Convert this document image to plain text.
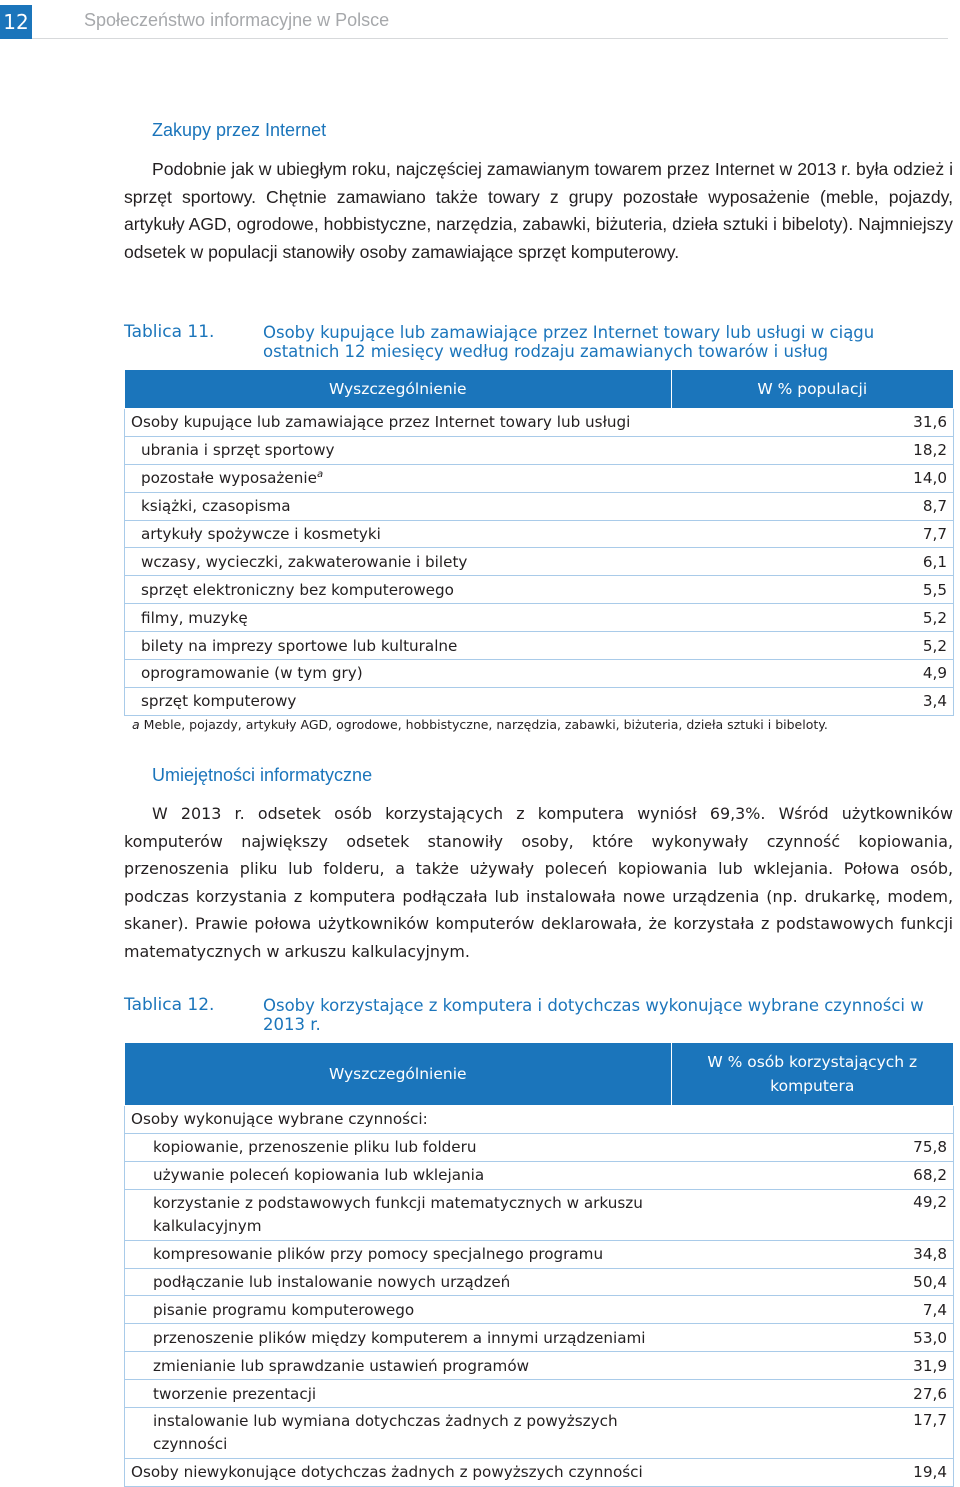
12	Społeczeństwo informacyjne w Polsce
Zakupy przez Internet

Podobnie jak w ubiegłym roku, najczęściej zamawianym towarem przez Internet w 2013 r. była odzież i sprzęt sportowy. Chętnie zamawiano także towary z grupy pozostałe wyposażenie (meble, pojazdy, artykuły AGD, ogrodowe, hobbistyczne, narzędzia, zabawki, biżuteria, dzieła sztuki i bibeloty). Najmniejszy odsetek w populacji stanowiły osoby zamawiające sprzęt komputerowy.

Tablica 11.	Osoby kupujące lub zamawiające przez Internet towary lub usługi w ciągu ostatnich 12 miesięcy według rodzaju zamawianych towarów i usług
Wyszczególnienie	W % populacji
Osoby kupujące lub zamawiające przez Internet towary lub usługi	31,6
ubrania i sprzęt sportowy	18,2
pozostałe wyposażenie$^a$	14,0
książki, czasopisma	8,7
artykuły spożywcze i kosmetyki	7,7
wczasy, wycieczki, zakwaterowanie i bilety	6,1
sprzęt elektroniczny bez komputerowego	5,5
filmy, muzykę	5,2
bilety na imprezy sportowe lub kulturalne	5,2
oprogramowanie (w tym gry)	4,9
sprzęt komputerowy	3,4
a Meble, pojazdy, artykuły AGD, ogrodowe, hobbistyczne, narzędzia, zabawki, biżuteria, dzieła sztuki i bibeloty.
Umiejętności informatyczne

W 2013 r. odsetek osób korzystających z komputera wyniósł 69,3%. Wśród użytkowników komputerów największy odsetek stanowiły osoby, które wykonywały czynność kopiowania, przenoszenia pliku lub folderu, a także używały poleceń kopiowania lub wklejania. Połowa osób, podczas korzystania z komputera podłączała lub instalowała nowe urządzenia (np. drukarkę, modem, skaner). Prawie połowa użytkowników komputerów deklarowała, że korzystała z podstawowych funkcji matematycznych w arkuszu kalkulacyjnym.

Tablica 12.	Osoby korzystające z komputera i dotychczas wykonujące wybrane czynności w 2013 r.
Wyszczególnienie	W % osób korzystających z komputera
Osoby wykonujące wybrane czynności:	
kopiowanie, przenoszenie pliku lub folderu	75,8
używanie poleceń kopiowania lub wklejania	68,2
korzystanie z podstawowych funkcji matematycznych w arkuszu kalkulacyjnym	49,2
kompresowanie plików przy pomocy specjalnego programu	34,8
podłączanie lub instalowanie nowych urządzeń	50,4
pisanie programu komputerowego	7,4
przenoszenie plików między komputerem a innymi urządzeniami	53,0
zmienianie lub sprawdzanie ustawień programów	31,9
tworzenie prezentacji	27,6
instalowanie lub wymiana dotychczas żadnych z powyższych czynności	17,7
Osoby niewykonujące dotychczas żadnych z powyższych czynności	19,4
